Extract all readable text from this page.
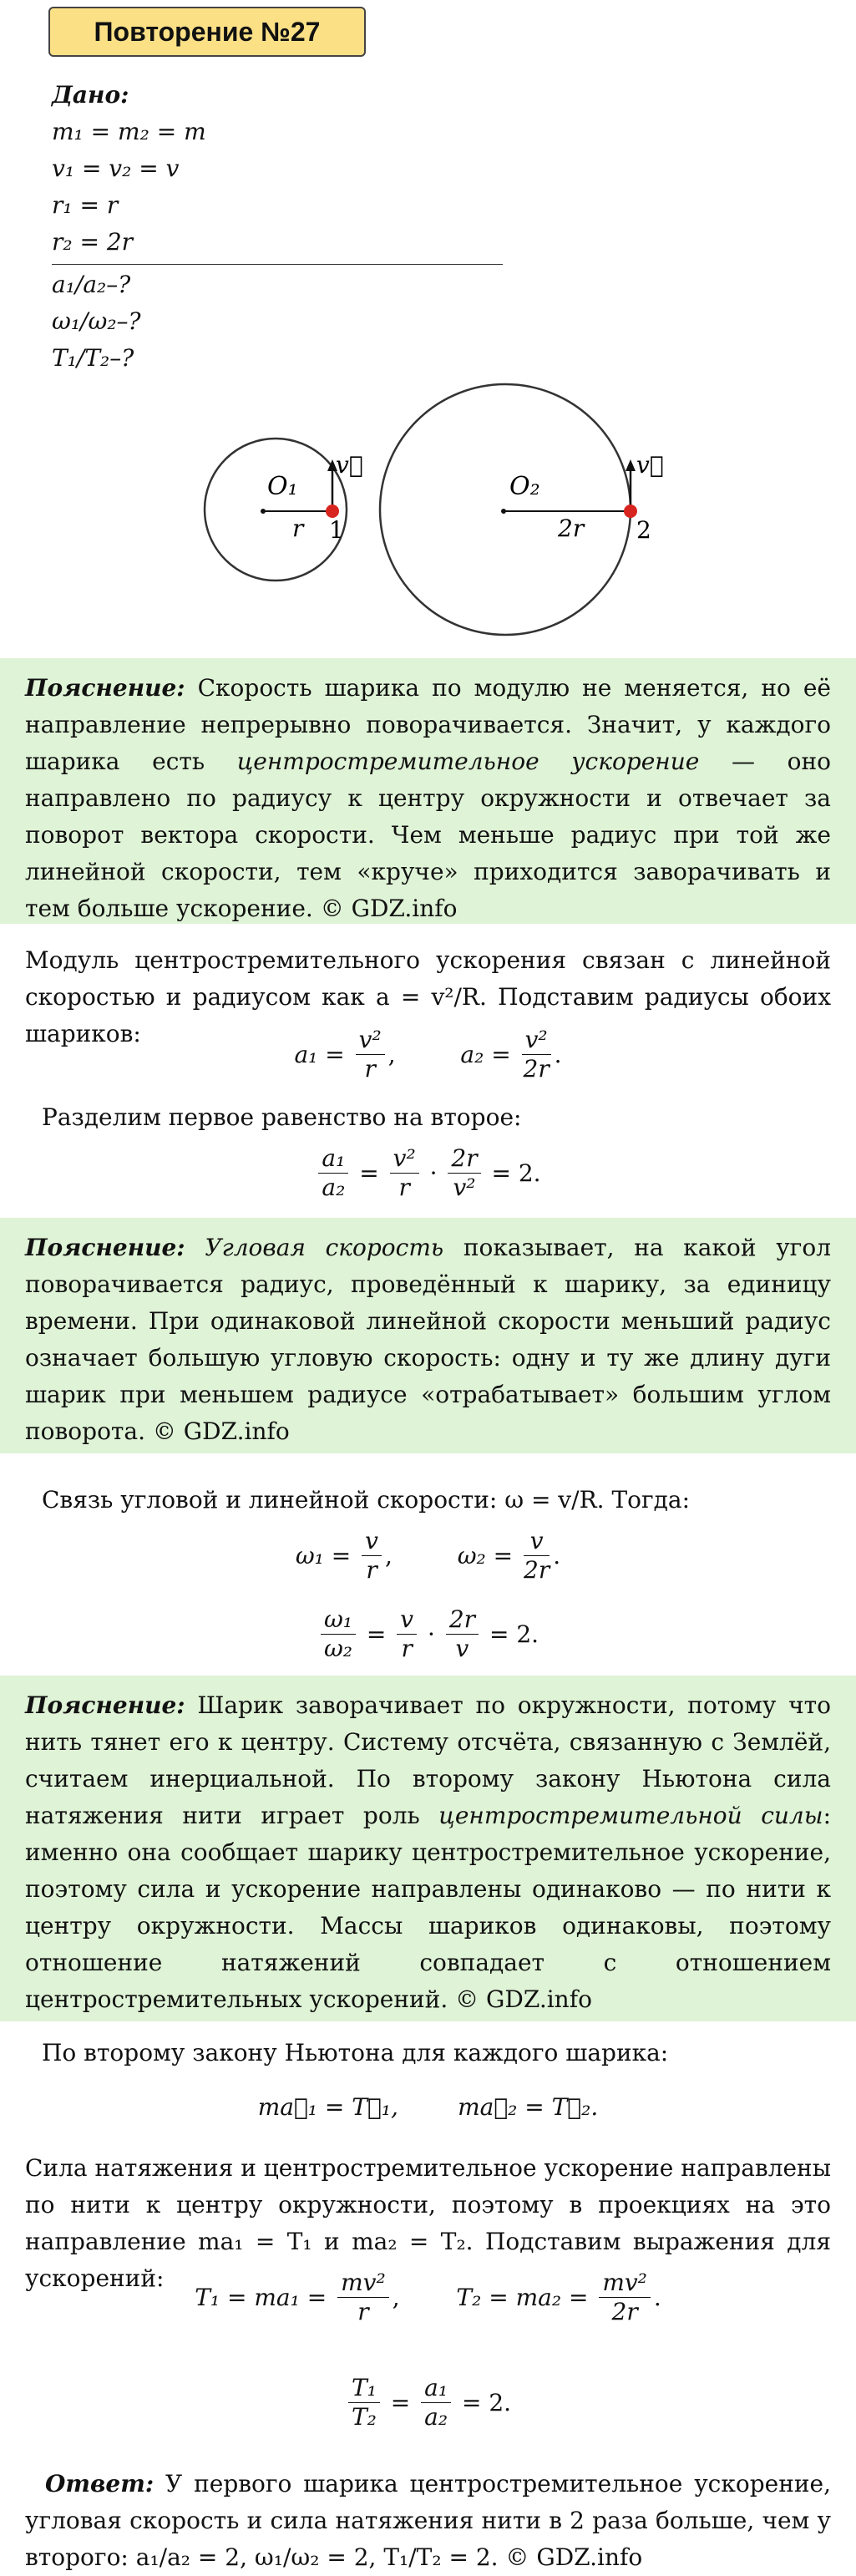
Повторение №27
Дано:
m₁ = m₂ = m
v₁ = v₂ = v
r₁ = r
r₂ = 2r
a₁/a₂–?
ω₁/ω₂–?
T₁/T₂–?
O₁
r 1
v⃗
O₂
2r 2
v⃗
Пояснение: Скорость шарика по модулю не меняется, но её направление непрерывно поворачивается. Значит, у каждого шарика есть центростремительное ускорение — оно направлено по радиусу к центру окружности и отвечает за поворот вектора скорости. Чем меньше радиус при той же линейной скорости, тем «круче» приходится заворачивать и тем больше ускорение. © GDZ.info
Модуль центростремительного ускорения связан с линейной скоростью и радиусом как a = v²/R. Подставим радиусы обоих шариков:
$a_1 = \frac{\text{v²}}{r}$ ,	$a_2 = \frac{\text{v²}}{2r}$ .
Разделим первое равенство на второе:
$\frac{\text{a₁}}{\text{a₂}} = \frac{\text{v²}}{r} \cdot \frac{2r}{\text{v²}} = 2$.
Пояснение: Угловая скорость показывает, на какой угол поворачивается радиус, проведённый к шарику, за единицу времени. При одинаковой линейной скорости меньший радиус означает большую угловую скорость: одну и ту же длину дуги шарик при меньшем радиусе «отрабатывает» большим углом поворота. © GDZ.info
Связь угловой и линейной скорости: ω = v/R. Тогда:
$\omega_1 = \frac{v}{r}$ ,	$\omega_2 = \frac{v}{2r}$ .
$\frac{\text{ω₁}}{\text{ω₂}} = \frac{v}{r} \cdot \frac{2r}{v} = 2$.
Пояснение: Шарик заворачивает по окружности, потому что нить тянет его к центру. Систему отсчёта, связанную с Землёй, считаем инерциальной. По второму закону Ньютона сила натяжения нити играет роль центростремительной силы: именно она сообщает шарику центростремительное ускорение, поэтому сила и ускорение направлены одинаково — по нити к центру окружности. Массы шариков одинаковы, поэтому отношение натяжений совпадает с отношением центростремительных ускорений. © GDZ.info
По второму закону Ньютона для каждого шарика:
ma⃗₁ = T⃗₁,        ma⃗₂ = T⃗₂.
Сила натяжения и центростремительное ускорение направлены по нити к центру окружности, поэтому в проекциях на это направление ma₁ = T₁ и ma₂ = T₂. Подставим выражения для ускорений:
$T_1 = ma_1 = \frac{\text{mv²}}{r}$ , $T_2 = ma_2 = \frac{\text{mv²}}{2r}$ .
$\frac{\text{T₁}}{\text{T₂}} = \frac{\text{a₁}}{\text{a₂}} = 2$.
Ответ: У первого шарика центростремительное ускорение, угловая скорость и сила натяжения нити в 2 раза больше, чем у второго: a₁/a₂ = 2, ω₁/ω₂ = 2, T₁/T₂ = 2. © GDZ.info
